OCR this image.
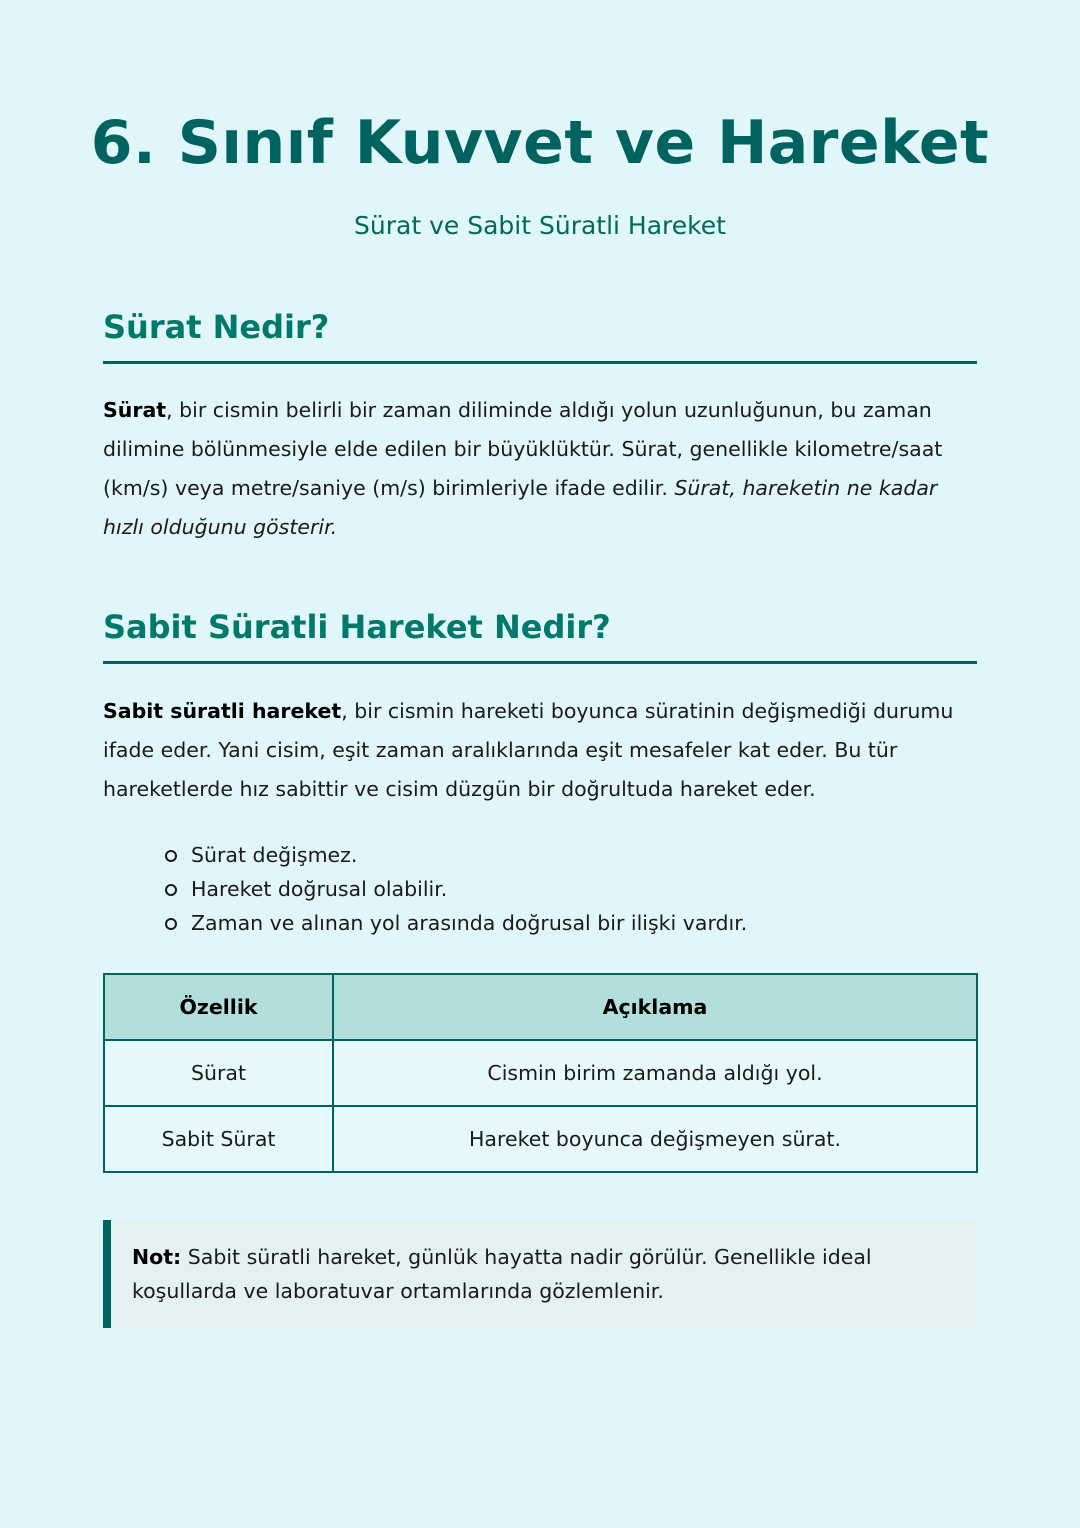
6. Sınıf Kuvvet ve Hareket
Sürat ve Sabit Süratli Hareket
Sürat Nedir?

Sürat, bir cismin belirli bir zaman diliminde aldığı yolun uzunluğunun, bu zaman dilimine bölünmesiyle elde edilen bir büyüklüktür. Sürat, genellikle kilometre/saat (km/s) veya metre/saniye (m/s) birimleriyle ifade edilir. Sürat, hareketin ne kadar hızlı olduğunu gösterir.

Sabit Süratli Hareket Nedir?

Sabit süratli hareket, bir cismin hareketi boyunca süratinin değişmediği durumu ifade eder. Yani cisim, eşit zaman aralıklarında eşit mesafeler kat eder. Bu tür hareketlerde hız sabittir ve cisim düzgün bir doğrultuda hareket eder.

Sürat değişmez.
Hareket doğrusal olabilir.
Zaman ve alınan yol arasında doğrusal bir ilişki vardır.
Özellik	Açıklama
Sürat	Cismin birim zamanda aldığı yol.
Sabit Sürat	Hareket boyunca değişmeyen sürat.
Not: Sabit süratli hareket, günlük hayatta nadir görülür. Genellikle ideal koşullarda ve laboratuvar ortamlarında gözlemlenir.
